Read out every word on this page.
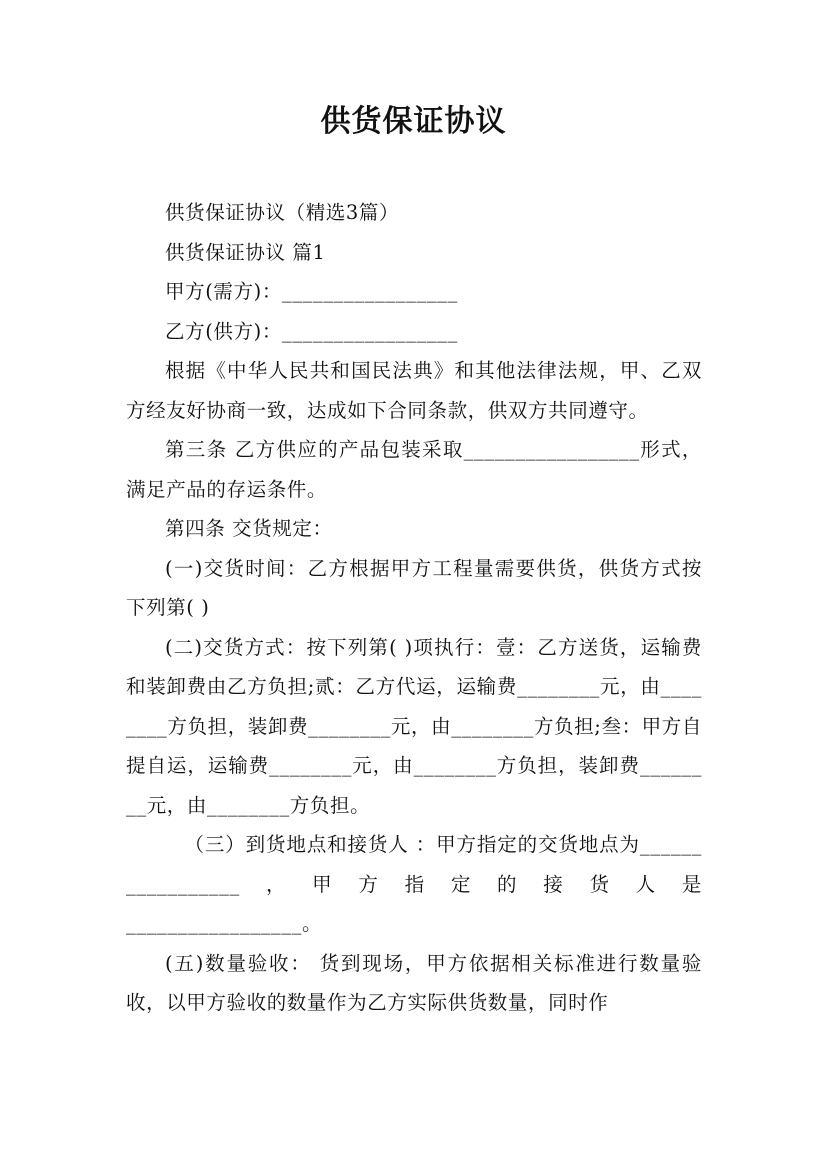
供货保证协议

供货保证协议（精选3篇）

供货保证协议 篇1

甲方(需方)：_________________

乙方(供方)：_________________

根据《中华人民共和国民法典》和其他法律法规，甲、乙双方经友好协商一致，达成如下合同条款，供双方共同遵守。

第三条 乙方供应的产品包装采取_________________形式，满足产品的存运条件。

第四条 交货规定：

(一)交货时间：乙方根据甲方工程量需要供货，供货方式按下列第( )

(二)交货方式：按下列第( )项执行：壹：乙方送货，运输费和装卸费由乙方负担;贰：乙方代运，运输费________元，由________方负担，装卸费________元，由________方负担;叁：甲方自提自运，运输费________元，由________方负担，装卸费________元，由________方负担。

（三）到货地点和接货人 ：甲方指定的交货地点为_________________，甲方指定的接货人是

_________________。

(五)数量验收： 货到现场，甲方依据相关标准进行数量验收，以甲方验收的数量作为乙方实际供货数量，同时作
